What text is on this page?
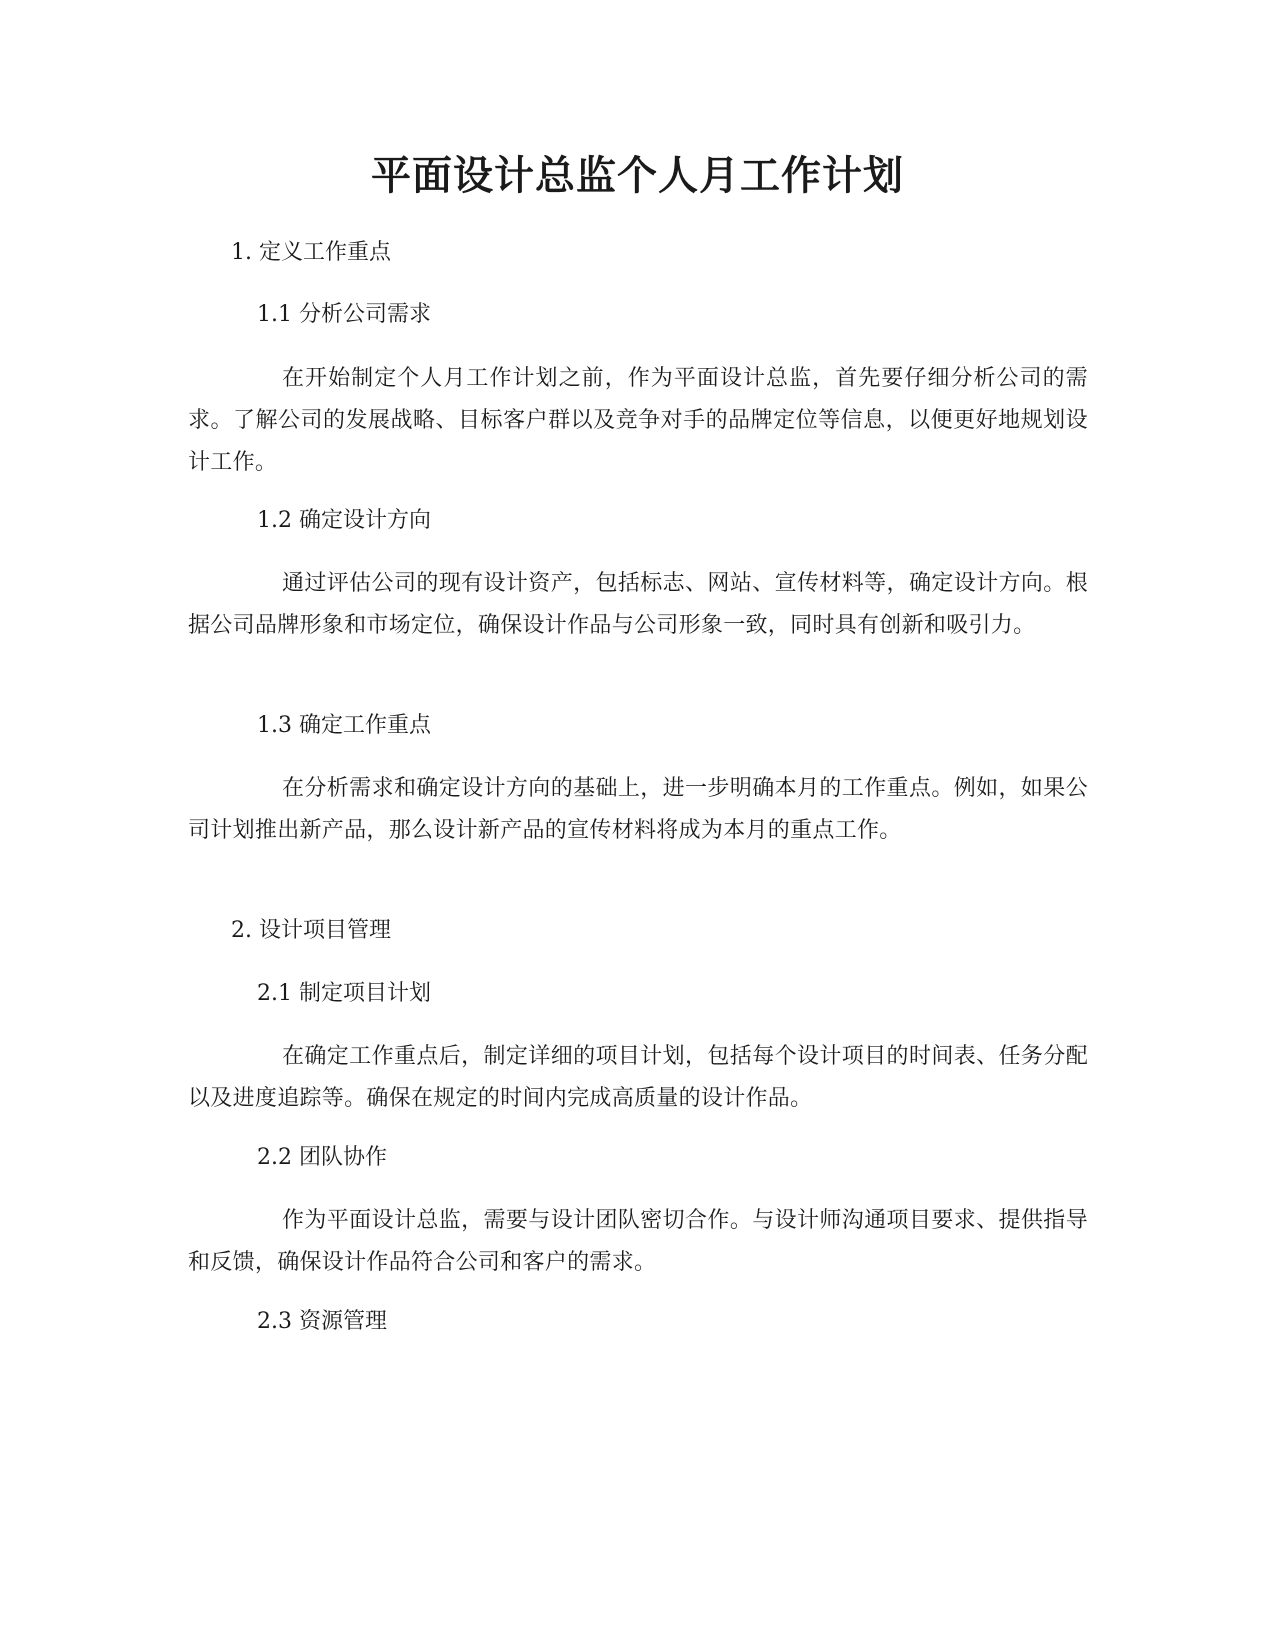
平面设计总监个人月工作计划
1. 定义工作重点
1.1 分析公司需求

在开始制定个人月工作计划之前，作为平面设计总监，首先要仔细分析公司的需求。了解公司的发展战略、目标客户群以及竞争对手的品牌定位等信息，以便更好地规划设计工作。

1.2 确定设计方向

通过评估公司的现有设计资产，包括标志、网站、宣传材料等，确定设计方向。根据公司品牌形象和市场定位，确保设计作品与公司形象一致，同时具有创新和吸引力。

1.3 确定工作重点

在分析需求和确定设计方向的基础上，进一步明确本月的工作重点。例如，如果公司计划推出新产品，那么设计新产品的宣传材料将成为本月的重点工作。

2. 设计项目管理
2.1 制定项目计划

在确定工作重点后，制定详细的项目计划，包括每个设计项目的时间表、任务分配以及进度追踪等。确保在规定的时间内完成高质量的设计作品。

2.2 团队协作

作为平面设计总监，需要与设计团队密切合作。与设计师沟通项目要求、提供指导和反馈，确保设计作品符合公司和客户的需求。

2.3 资源管理
